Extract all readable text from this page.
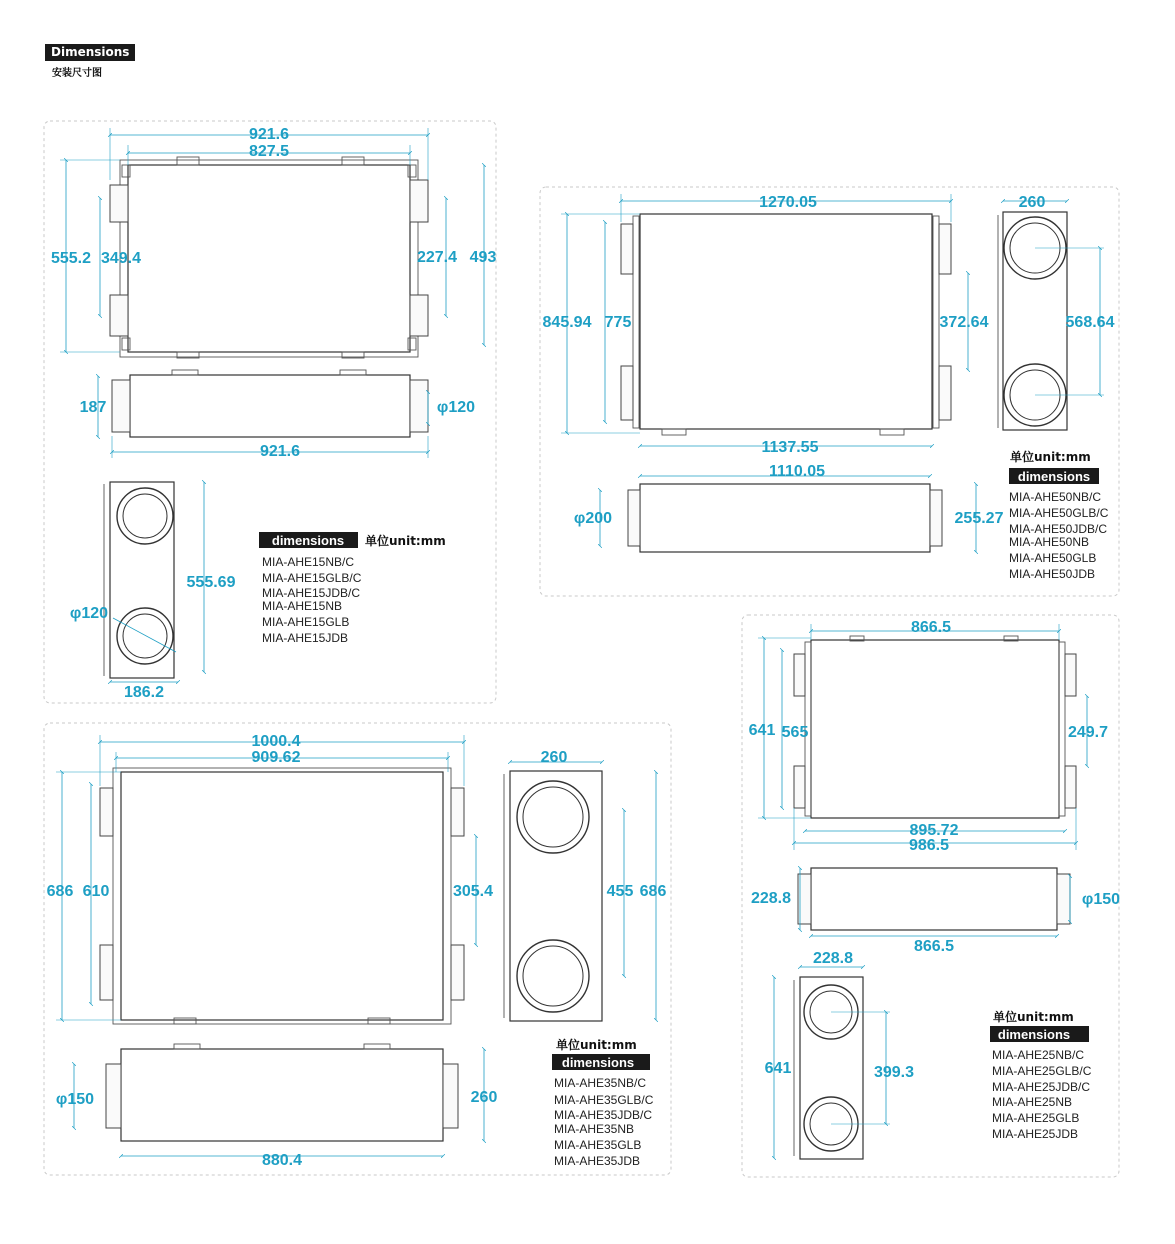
Dimensions
安装尺寸图
921.6
827.5
555.2 349.4	227.4 493
187	φ120
921.6
555.69
φ120
186.2
dimensions 单位unit:mm
MIA-AHE15NB/C
MIA-AHE15GLB/C
MIA-AHE15JDB/C
MIA-AHE15NB
MIA-AHE15GLB
MIA-AHE15JDB
1270.05
845.94 775	372.64
1137.55
260
568.64
1110.05
φ200	255.27
单位unit:mm
dimensions
MIA-AHE50NB/C
MIA-AHE50GLB/C
MIA-AHE50JDB/C
MIA-AHE50NB
MIA-AHE50GLB
MIA-AHE50JDB
1000.4
909.62
686 610	305.4
260
455 686
φ150	260
880.4
单位unit:mm
dimensions
MIA-AHE35NB/C
MIA-AHE35GLB/C
MIA-AHE35JDB/C
MIA-AHE35NB
MIA-AHE35GLB
MIA-AHE35JDB
866.5
641 565	249.7
895.72
986.5
228.8	φ150
866.5
228.8
641	399.3
单位unit:mm
dimensions
MIA-AHE25NB/C
MIA-AHE25GLB/C
MIA-AHE25JDB/C
MIA-AHE25NB
MIA-AHE25GLB
MIA-AHE25JDB
